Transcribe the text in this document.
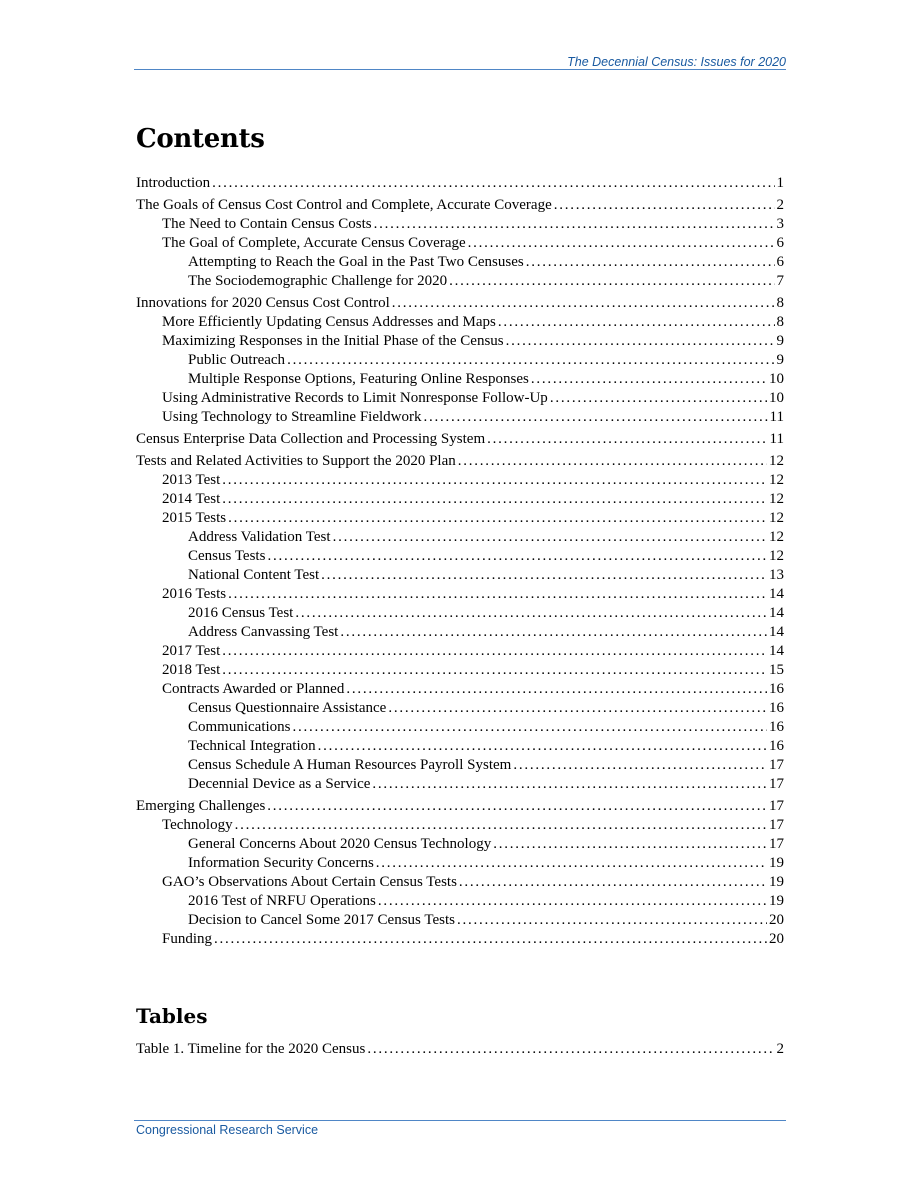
The Decennial Census: Issues for 2020
Contents
Introduction . . .	1
The Goals of Census Cost Control and Complete, Accurate Coverage . . .	2
The Need to Contain Census Costs . . .	3
The Goal of Complete, Accurate Census Coverage . . .	6
Attempting to Reach the Goal in the Past Two Censuses . . .	6
The Sociodemographic Challenge for 2020 . . .	7
Innovations for 2020 Census Cost Control . . .	8
More Efficiently Updating Census Addresses and Maps . . .	8
Maximizing Responses in the Initial Phase of the Census . . .	9
Public Outreach . . .	9
Multiple Response Options, Featuring Online Responses . . .	10
Using Administrative Records to Limit Nonresponse Follow-Up . . .	10
Using Technology to Streamline Fieldwork . . .	11
Census Enterprise Data Collection and Processing System . . .	11
Tests and Related Activities to Support the 2020 Plan . . .	12
2013 Test . . .	12
2014 Test . . .	12
2015 Tests . . .	12
Address Validation Test . . .	12
Census Tests . . .	12
National Content Test . . .	13
2016 Tests . . .	14
2016 Census Test . . .	14
Address Canvassing Test . . .	14
2017 Test . . .	14
2018 Test . . .	15
Contracts Awarded or Planned . . .	16
Census Questionnaire Assistance . . .	16
Communications . . .	16
Technical Integration . . .	16
Census Schedule A Human Resources Payroll System . . .	17
Decennial Device as a Service . . .	17
Emerging Challenges . . .	17
Technology . . .	17
General Concerns About 2020 Census Technology . . .	17
Information Security Concerns . . .	19
GAO’s Observations About Certain Census Tests . . .	19
2016 Test of NRFU Operations . . .	19
Decision to Cancel Some 2017 Census Tests . . .	20
Funding . . .	20
Tables
Table 1. Timeline for the 2020 Census . . .	2
Congressional Research Service
